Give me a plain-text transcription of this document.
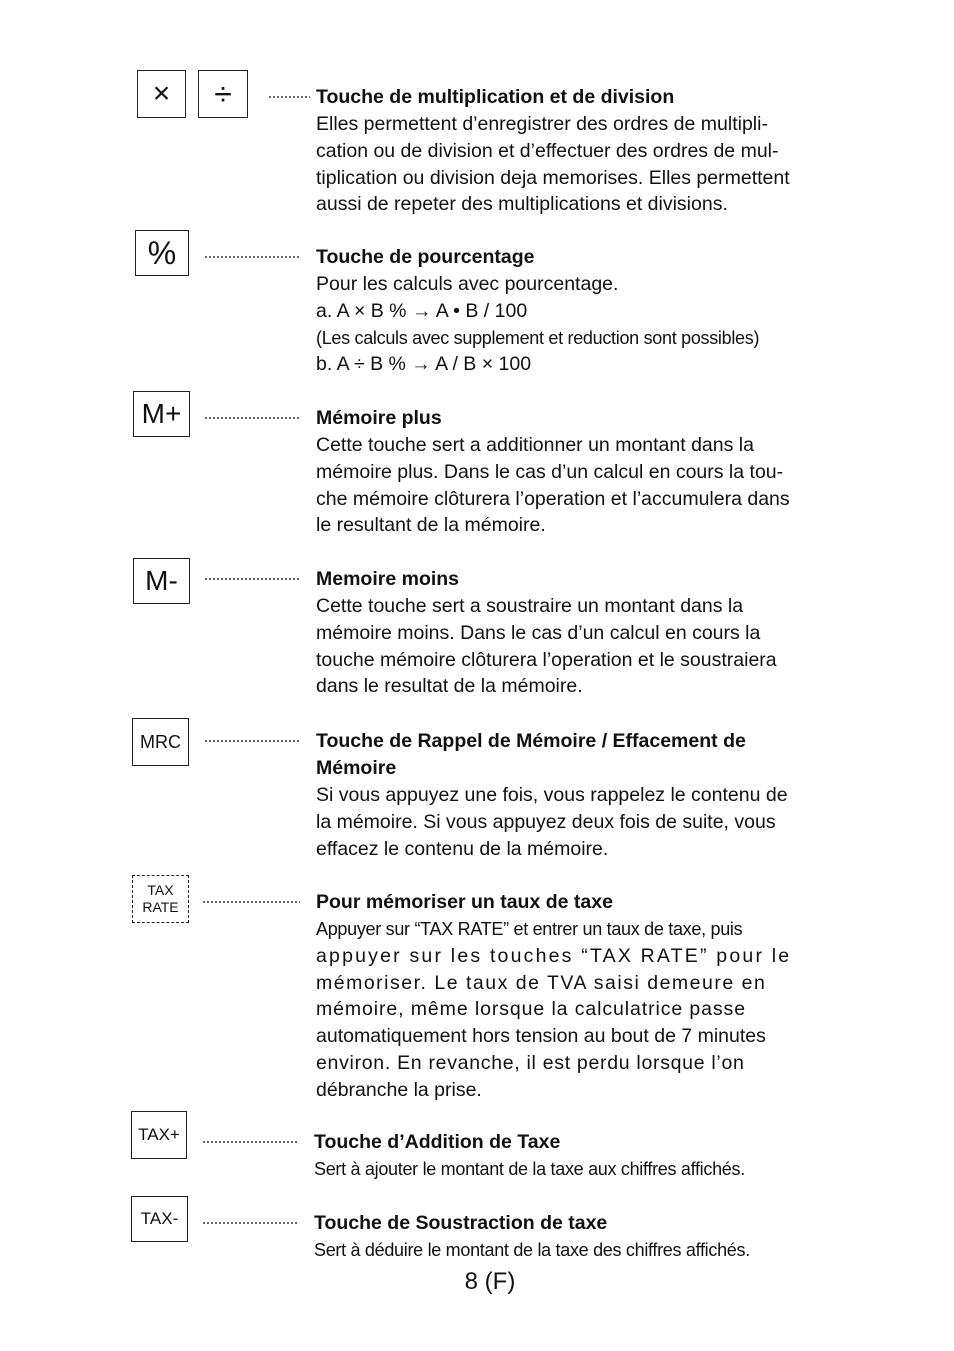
× ÷	Touche de multiplication et de division

Elles permettent d’enregistrer des ordres de multipli-

cation ou de division et d’effectuer des ordres de mul-

tiplication ou division deja memorises. Elles permettent

aussi de repeter des multiplications et divisions.

%	Touche de pourcentage

Pour les calculs avec pourcentage.

a. A × B % → A • B / 100

(Les calculs avec supplement et reduction sont possibles)

b. A ÷ B % → A / B × 100

M+	Mémoire plus

Cette touche sert a additionner un montant dans la

mémoire plus. Dans le cas d’un calcul en cours la tou-

che mémoire clôturera l’operation et l’accumulera dans

le resultant de la mémoire.

M-	Memoire moins

Cette touche sert a soustraire un montant dans la

mémoire moins. Dans le cas d’un calcul en cours la

touche mémoire clôturera l’operation et le soustraiera

dans le resultat de la mémoire.

MRC	Touche de Rappel de Mémoire / Effacement de
Mémoire

Si vous appuyez une fois, vous rappelez le contenu de

la mémoire. Si vous appuyez deux fois de suite, vous

effacez le contenu de la mémoire.

TAX
RATE	Pour mémoriser un taux de taxe

Appuyer sur “TAX RATE” et entrer un taux de taxe, puis

appuyer sur les touches “TAX RATE” pour le

mémoriser. Le taux de TVA saisi demeure en

mémoire, même lorsque la calculatrice passe

automatiquement hors tension au bout de 7 minutes

environ. En revanche, il est perdu lorsque l’on

débranche la prise.

TAX+	Touche d’Addition de Taxe

Sert à ajouter le montant de la taxe aux chiffres affichés.

TAX-	Touche de Soustraction de taxe

Sert à déduire le montant de la taxe des chiffres affichés.

8 (F)
